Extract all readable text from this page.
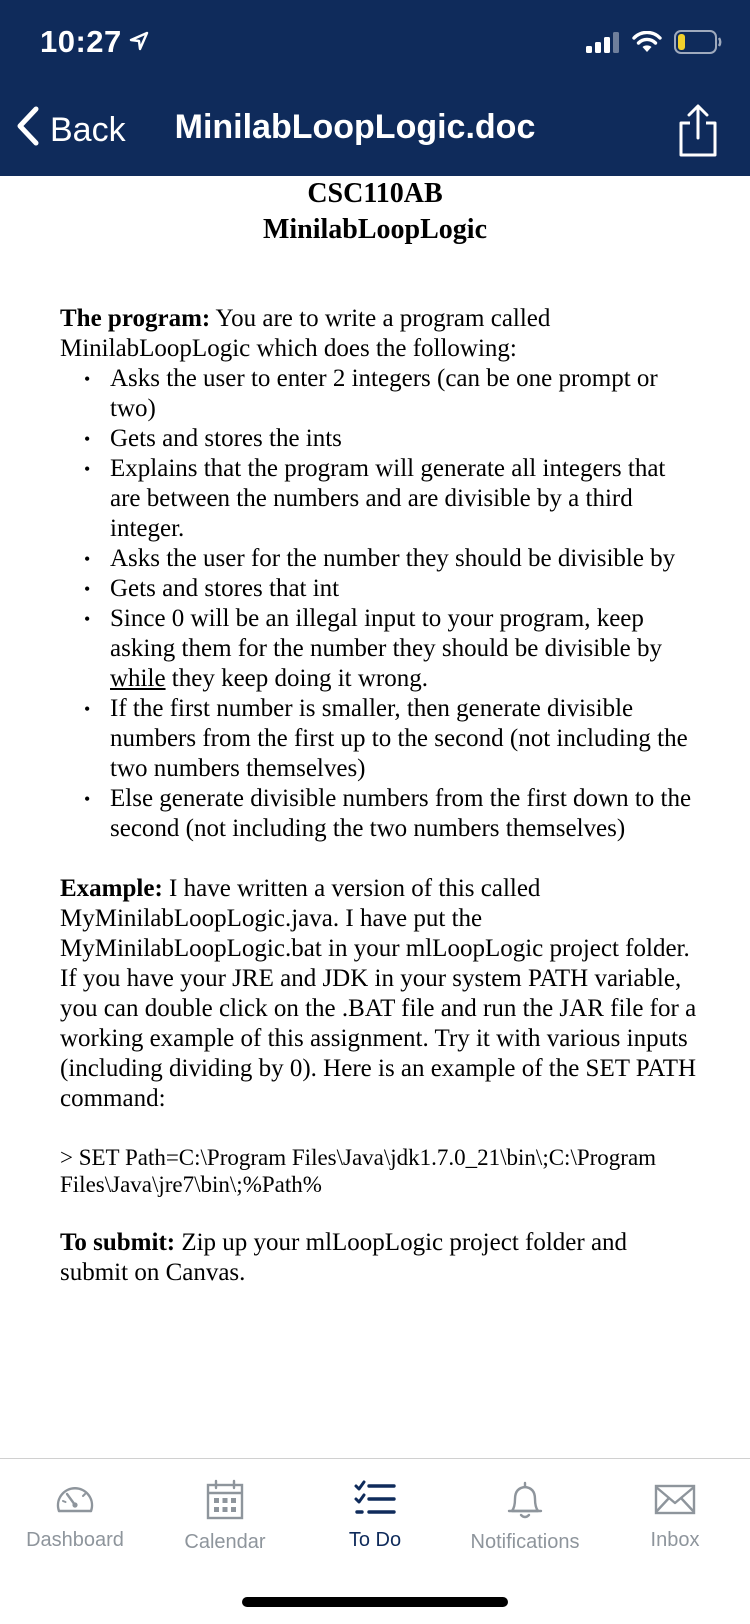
10:27
Back	MinilabLoopLogic.doc
CSC110AB
MinilabLoopLogic

The program: You are to write a program called MinilabLoopLogic which does the following:

• Asks the user to enter 2 integers (can be one prompt or two)
• Gets and stores the ints
• Explains that the program will generate all integers that are between the numbers and are divisible by a third integer.
• Asks the user for the number they should be divisible by
• Gets and stores that int
• Since 0 will be an illegal input to your program, keep asking them for the number they should be divisible by while they keep doing it wrong.
• If the first number is smaller, then generate divisible numbers from the first up to the second (not including the two numbers themselves)
• Else generate divisible numbers from the first down to the second (not including the two numbers themselves)

Example: I have written a version of this called MyMinilabLoopLogic.java. I have put the MyMinilabLoopLogic.bat in your mlLoopLogic project folder. If you have your JRE and JDK in your system PATH variable, you can double click on the .BAT file and run the JAR file for a working example of this assignment. Try it with various inputs (including dividing by 0). Here is an example of the SET PATH command:

> SET Path=C:\Program Files\Java\jdk1.7.0_21\bin\;C:\Program Files\Java\jre7\bin\;%Path%

To submit: Zip up your mlLoopLogic project folder and submit on Canvas.

Dashboard	Calendar	To Do	Notifications	Inbox
